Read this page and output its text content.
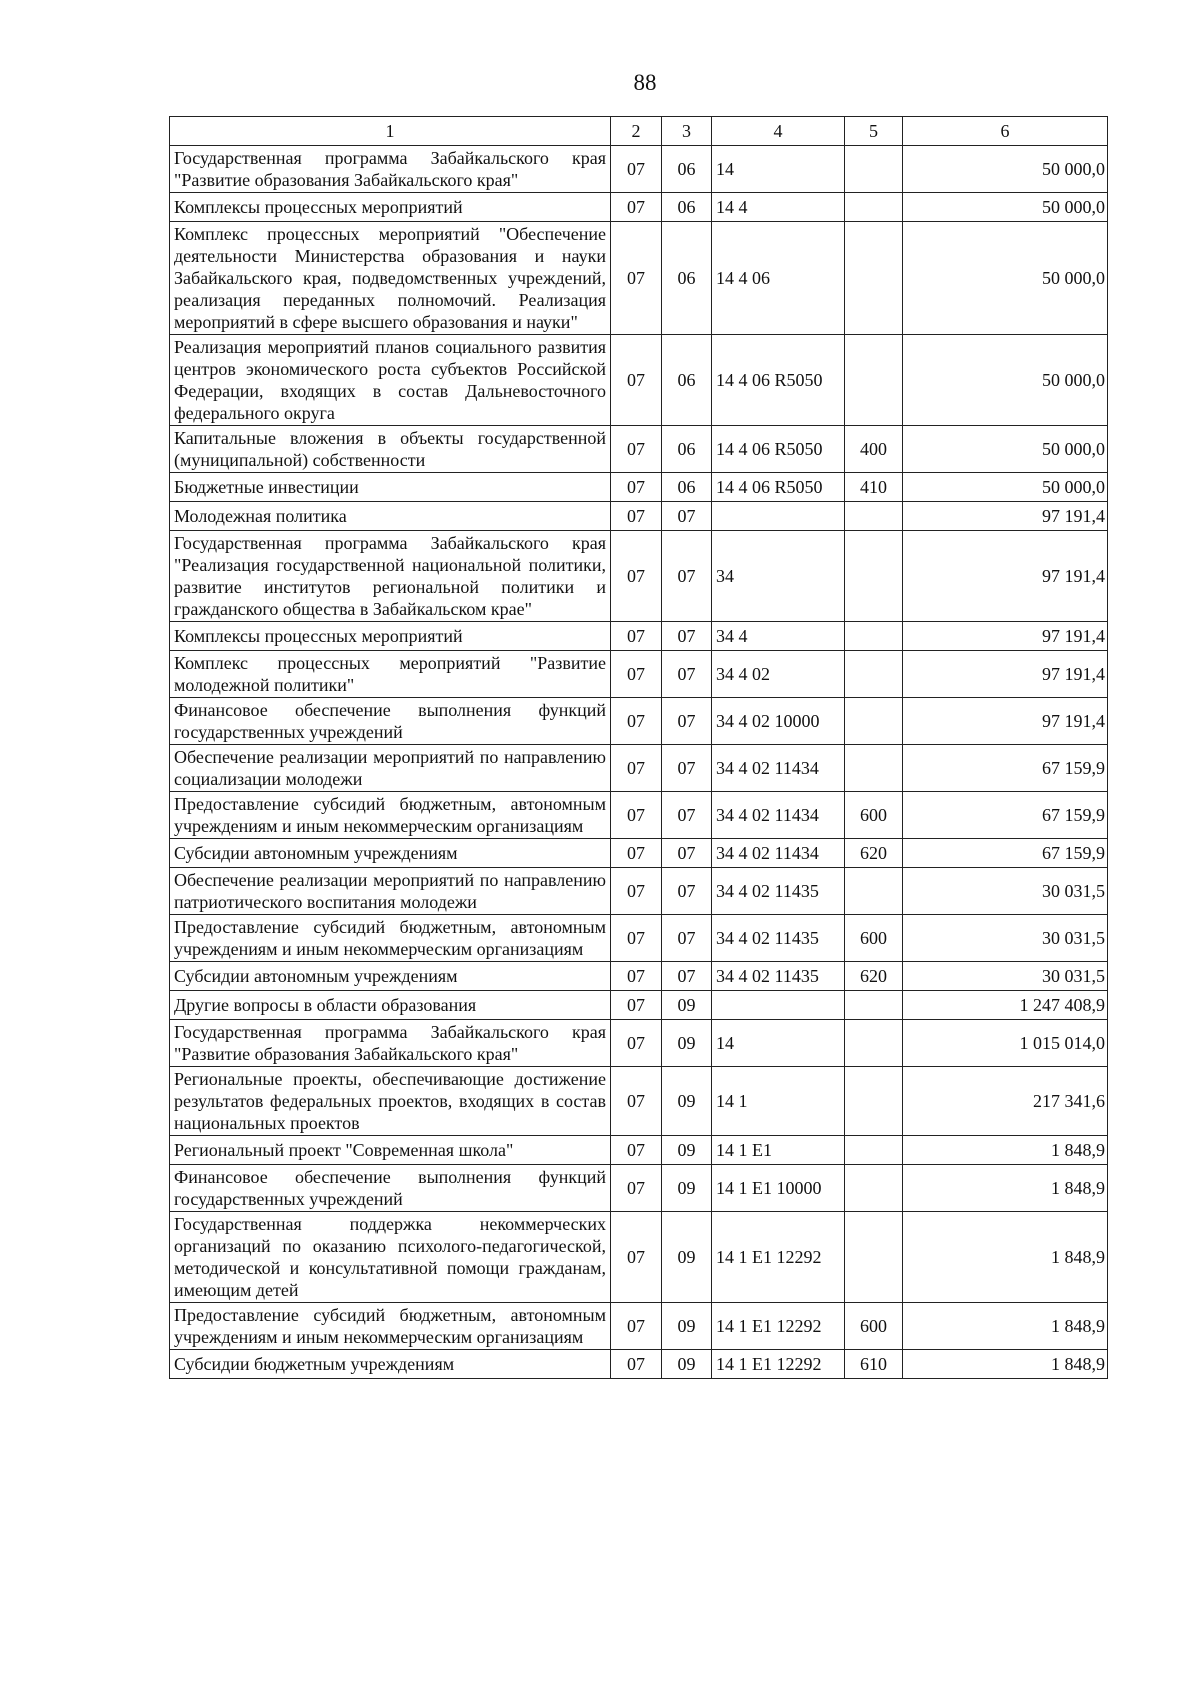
88
1	2	3	4	5	6
Государственная программа Забайкальского края "Развитие образования Забайкальского края"	07	06	14		50 000,0
Комплексы процессных мероприятий	07	06	14 4		50 000,0
Комплекс процессных мероприятий "Обеспечение деятельности Министерства образования и науки Забайкальского края, подведомственных учреждений, реализация переданных полномочий. Реализация мероприятий в сфере высшего образования и науки"	07	06	14 4 06		50 000,0
Реализация мероприятий планов социального развития центров экономического роста субъектов Российской Федерации, входящих в состав Дальневосточного федерального округа	07	06	14 4 06 R5050		50 000,0
Капитальные вложения в объекты государственной (муниципальной) собственности	07	06	14 4 06 R5050	400	50 000,0
Бюджетные инвестиции	07	06	14 4 06 R5050	410	50 000,0
Молодежная политика	07	07			97 191,4
Государственная программа Забайкальского края "Реализация государственной национальной политики, развитие институтов региональной политики и гражданского общества в Забайкальском крае"	07	07	34		97 191,4
Комплексы процессных мероприятий	07	07	34 4		97 191,4
Комплекс процессных мероприятий "Развитие молодежной политики"	07	07	34 4 02		97 191,4
Финансовое обеспечение выполнения функций государственных учреждений	07	07	34 4 02 10000		97 191,4
Обеспечение реализации мероприятий по направлению социализации молодежи	07	07	34 4 02 11434		67 159,9
Предоставление субсидий бюджетным, автономным учреждениям и иным некоммерческим организациям	07	07	34 4 02 11434	600	67 159,9
Субсидии автономным учреждениям	07	07	34 4 02 11434	620	67 159,9
Обеспечение реализации мероприятий по направлению патриотического воспитания молодежи	07	07	34 4 02 11435		30 031,5
Предоставление субсидий бюджетным, автономным учреждениям и иным некоммерческим организациям	07	07	34 4 02 11435	600	30 031,5
Субсидии автономным учреждениям	07	07	34 4 02 11435	620	30 031,5
Другие вопросы в области образования	07	09			1 247 408,9
Государственная программа Забайкальского края "Развитие образования Забайкальского края"	07	09	14		1 015 014,0
Региональные проекты, обеспечивающие достижение результатов федеральных проектов, входящих в состав национальных проектов	07	09	14 1		217 341,6
Региональный проект "Современная школа"	07	09	14 1 E1		1 848,9
Финансовое обеспечение выполнения функций государственных учреждений	07	09	14 1 E1 10000		1 848,9
Государственная поддержка некоммерческих организаций по оказанию психолого-педагогической, методической и консультативной помощи гражданам, имеющим детей	07	09	14 1 E1 12292		1 848,9
Предоставление субсидий бюджетным, автономным учреждениям и иным некоммерческим организациям	07	09	14 1 E1 12292	600	1 848,9
Субсидии бюджетным учреждениям	07	09	14 1 E1 12292	610	1 848,9
